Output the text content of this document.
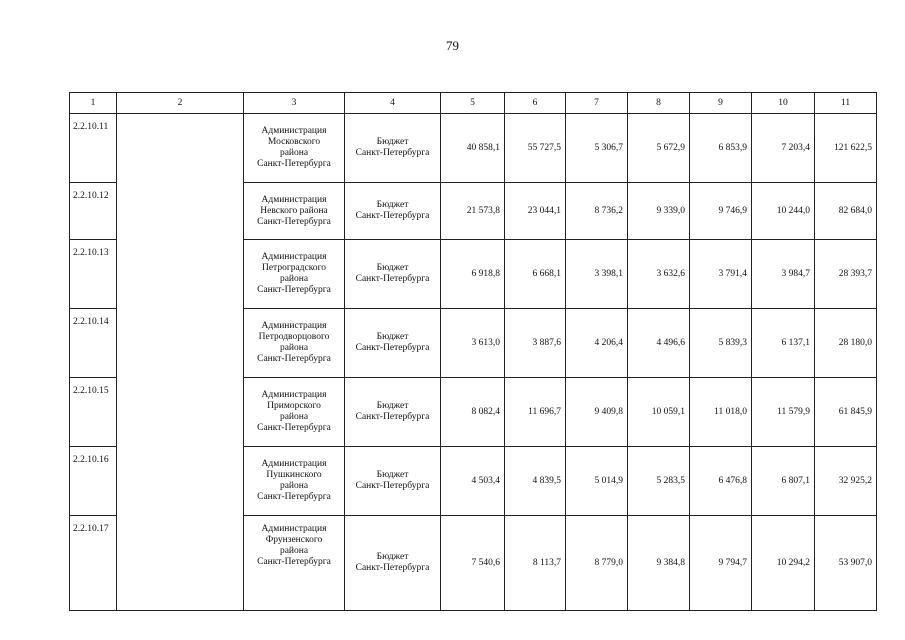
79
1	2	3	4	5	6	7	8	9	10	11
2.2.10.11		Администрация
Московского
района
Санкт-Петербурга	Бюджет
Санкт-Петербурга	40 858,1	55 727,5	5 306,7	5 672,9	6 853,9	7 203,4	121 622,5
2.2.10.12		Администрация
Невского района
Санкт-Петербурга	Бюджет
Санкт-Петербурга	21 573,8	23 044,1	8 736,2	9 339,0	9 746,9	10 244,0	82 684,0
2.2.10.13		Администрация
Петроградского
района
Санкт-Петербурга	Бюджет
Санкт-Петербурга	6 918,8	6 668,1	3 398,1	3 632,6	3 791,4	3 984,7	28 393,7
2.2.10.14		Администрация
Петродворцового
района
Санкт-Петербурга	Бюджет
Санкт-Петербурга	3 613,0	3 887,6	4 206,4	4 496,6	5 839,3	6 137,1	28 180,0
2.2.10.15		Администрация
Приморского
района
Санкт-Петербурга	Бюджет
Санкт-Петербурга	8 082,4	11 696,7	9 409,8	10 059,1	11 018,0	11 579,9	61 845,9
2.2.10.16		Администрация
Пушкинского
района
Санкт-Петербурга	Бюджет
Санкт-Петербурга	4 503,4	4 839,5	5 014,9	5 283,5	6 476,8	6 807,1	32 925,2
2.2.10.17		Администрация
Фрунзенского
района
Санкт-Петербурга	Бюджет
Санкт-Петербурга	7 540,6	8 113,7	8 779,0	9 384,8	9 794,7	10 294,2	53 907,0
